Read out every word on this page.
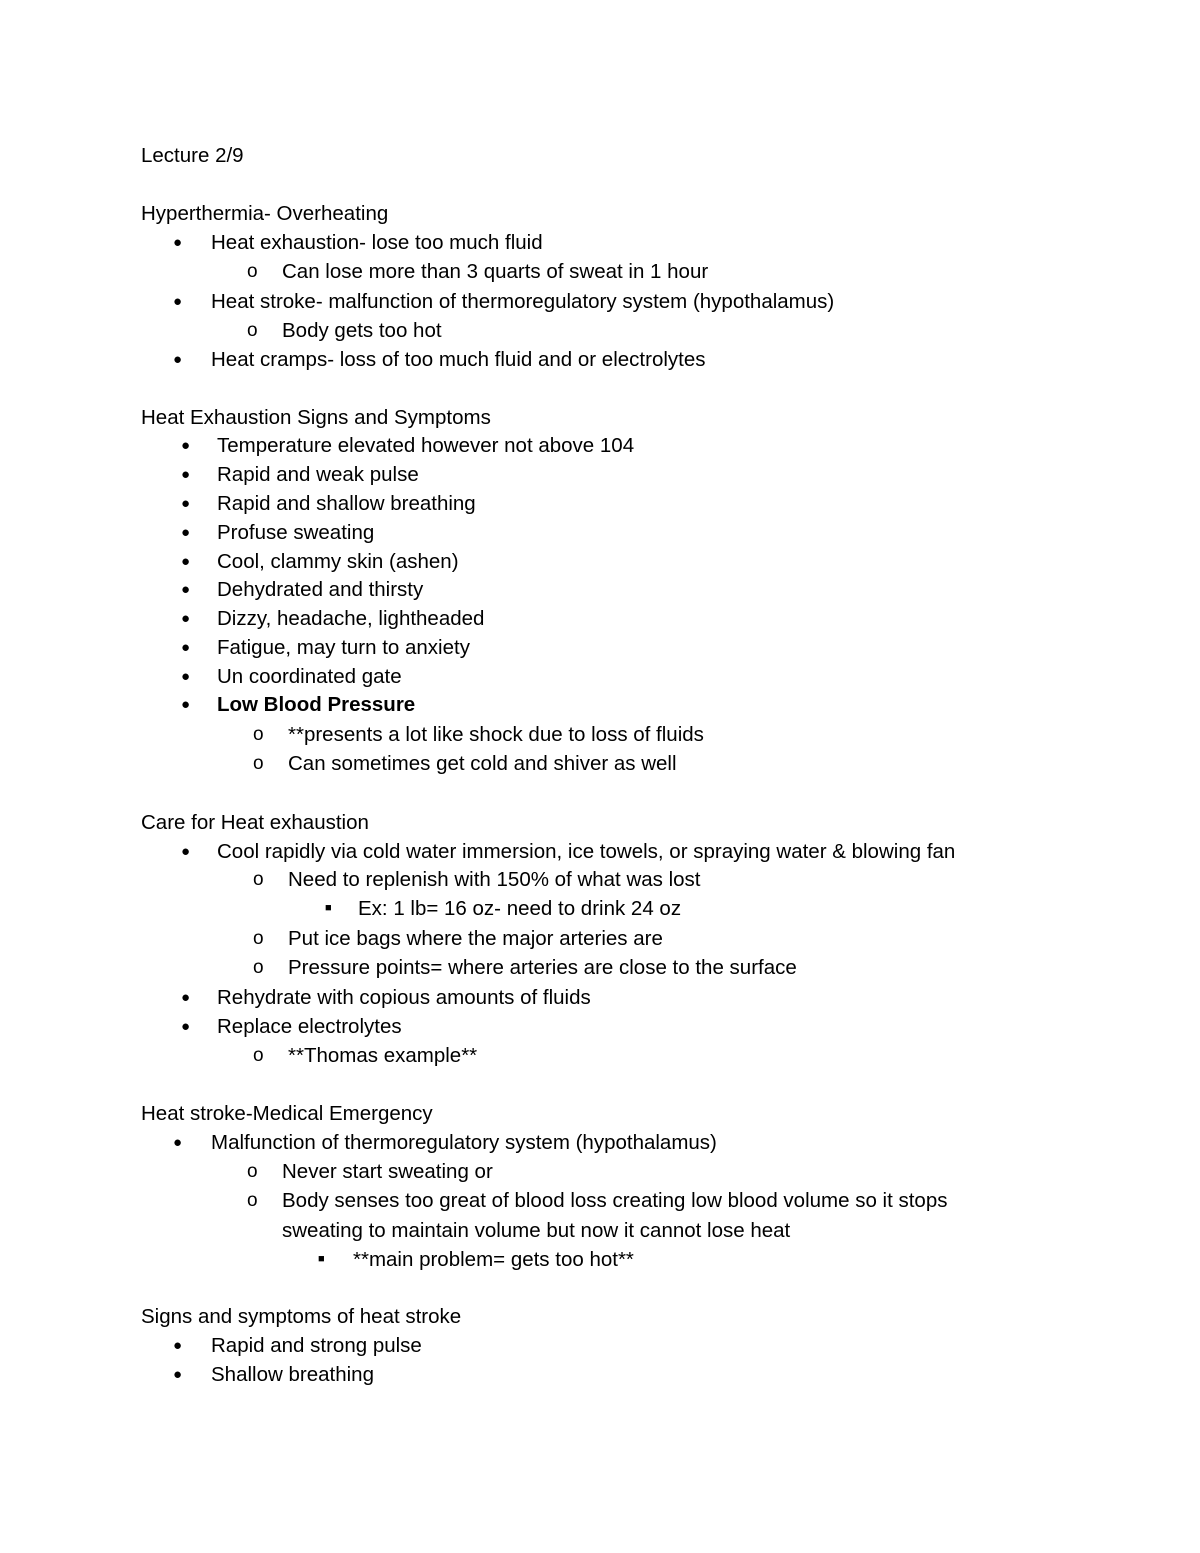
Lecture 2/9
Hyperthermia- Overheating
● Heat exhaustion- lose too much fluid
o Can lose more than 3 quarts of sweat in 1 hour
● Heat stroke- malfunction of thermoregulatory system (hypothalamus)
o Body gets too hot
● Heat cramps- loss of too much fluid and or electrolytes
Heat Exhaustion Signs and Symptoms
● Temperature elevated however not above 104
● Rapid and weak pulse
● Rapid and shallow breathing
● Profuse sweating
● Cool, clammy skin (ashen)
● Dehydrated and thirsty
● Dizzy, headache, lightheaded
● Fatigue, may turn to anxiety
● Un coordinated gate
● Low Blood Pressure
o **presents a lot like shock due to loss of fluids
o Can sometimes get cold and shiver as well
Care for Heat exhaustion
● Cool rapidly via cold water immersion, ice towels, or spraying water & blowing fan
o Need to replenish with 150% of what was lost
■ Ex: 1 lb= 16 oz- need to drink 24 oz
o Put ice bags where the major arteries are
o Pressure points= where arteries are close to the surface
● Rehydrate with copious amounts of fluids
● Replace electrolytes
o **Thomas example**
Heat stroke-Medical Emergency
● Malfunction of thermoregulatory system (hypothalamus)
o Never start sweating or
o Body senses too great of blood loss creating low blood volume so it stops
sweating to maintain volume but now it cannot lose heat
■ **main problem= gets too hot**
Signs and symptoms of heat stroke
● Rapid and strong pulse
● Shallow breathing
